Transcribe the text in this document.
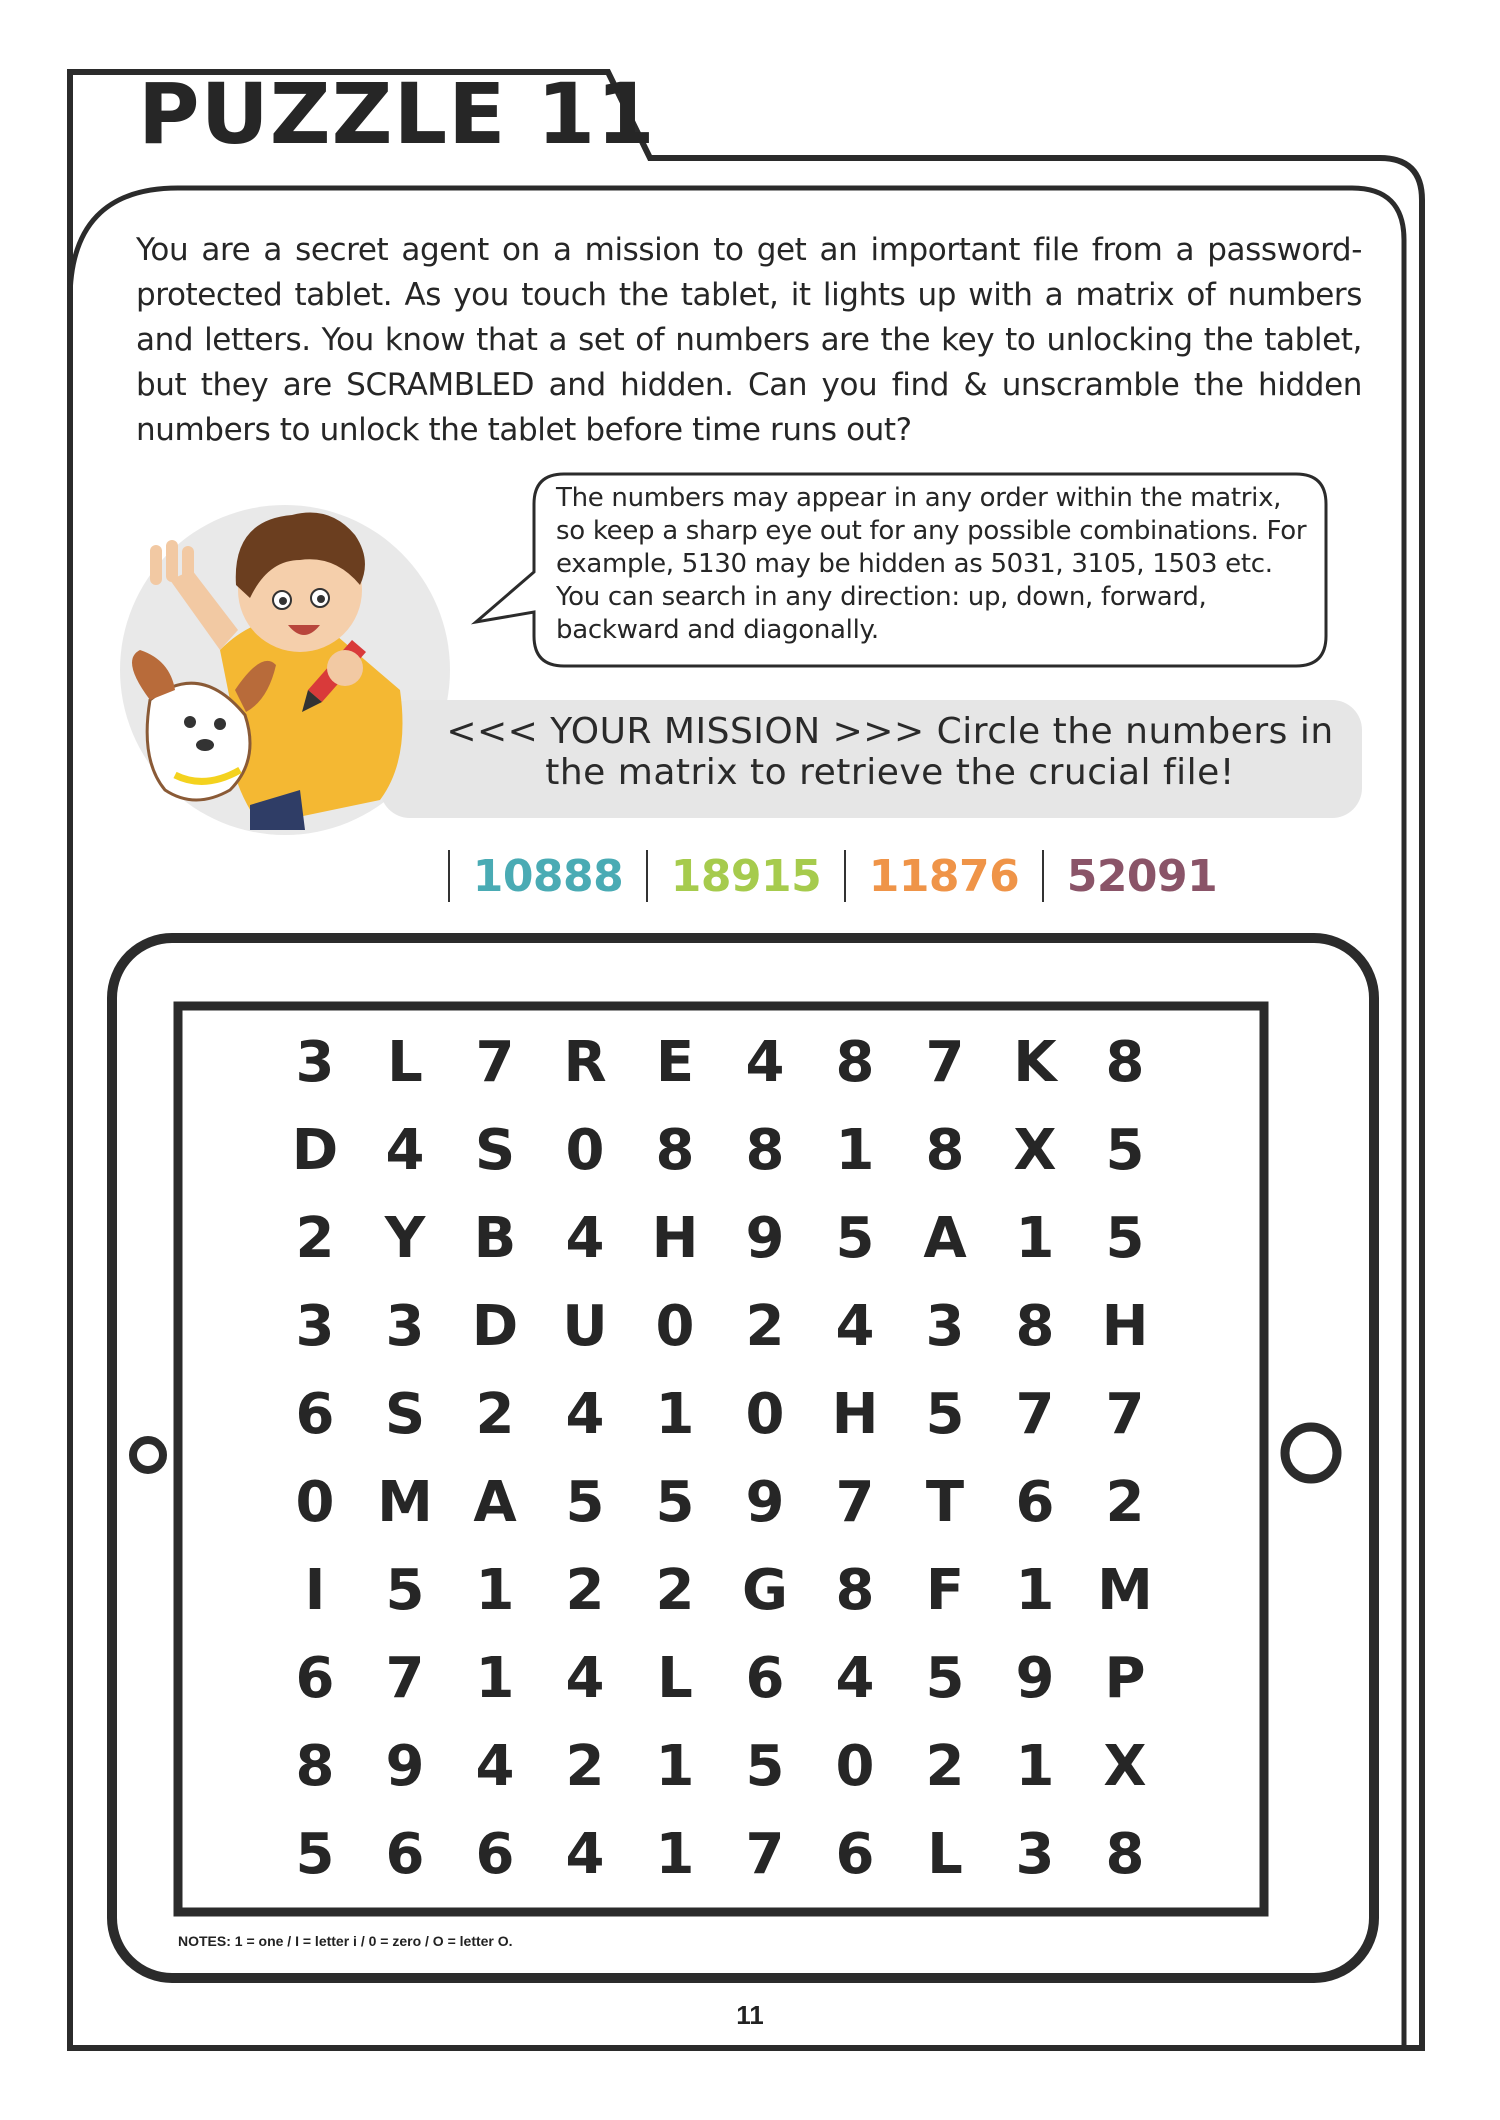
PUZZLE 11

You are a secret agent on a mission to get an important file from a password-protected tablet. As you touch the tablet, it lights up with a matrix of numbers and letters. You know that a set of numbers are the key to unlocking the tablet, but they are SCRAMBLED and hidden. Can you find & unscramble the hidden numbers to unlock the tablet before time runs out?

The numbers may appear in any order within the matrix, so keep a sharp eye out for any possible combinations. For example, 5130 may be hidden as 5031, 3105, 1503 etc. You can search in any direction: up, down, forward, backward and diagonally.

<<< YOUR MISSION >>> Circle the numbers in the matrix to retrieve the crucial file!

10888	18915	11876	52091
3 L 7 R E 4 8 7 K 8
D 4 S 0 8 8 1 8 X 5
2 Y B 4 H 9 5 A 1 5
3 3 D U 0 2 4 3 8 H
6 S 2 4 1 0 H 5 7 7
0 M A 5 5 9 7 T 6 2
I	5 1 2 2 G 8 F 1 M
6 7 1 4 L 6 4 5 9 P
8 9 4 2 1 5 0 2 1 X
5 6 6 4 1 7 6 L 3 8

NOTES: 1 = one / I = letter i / 0 = zero / O = letter O.

11
